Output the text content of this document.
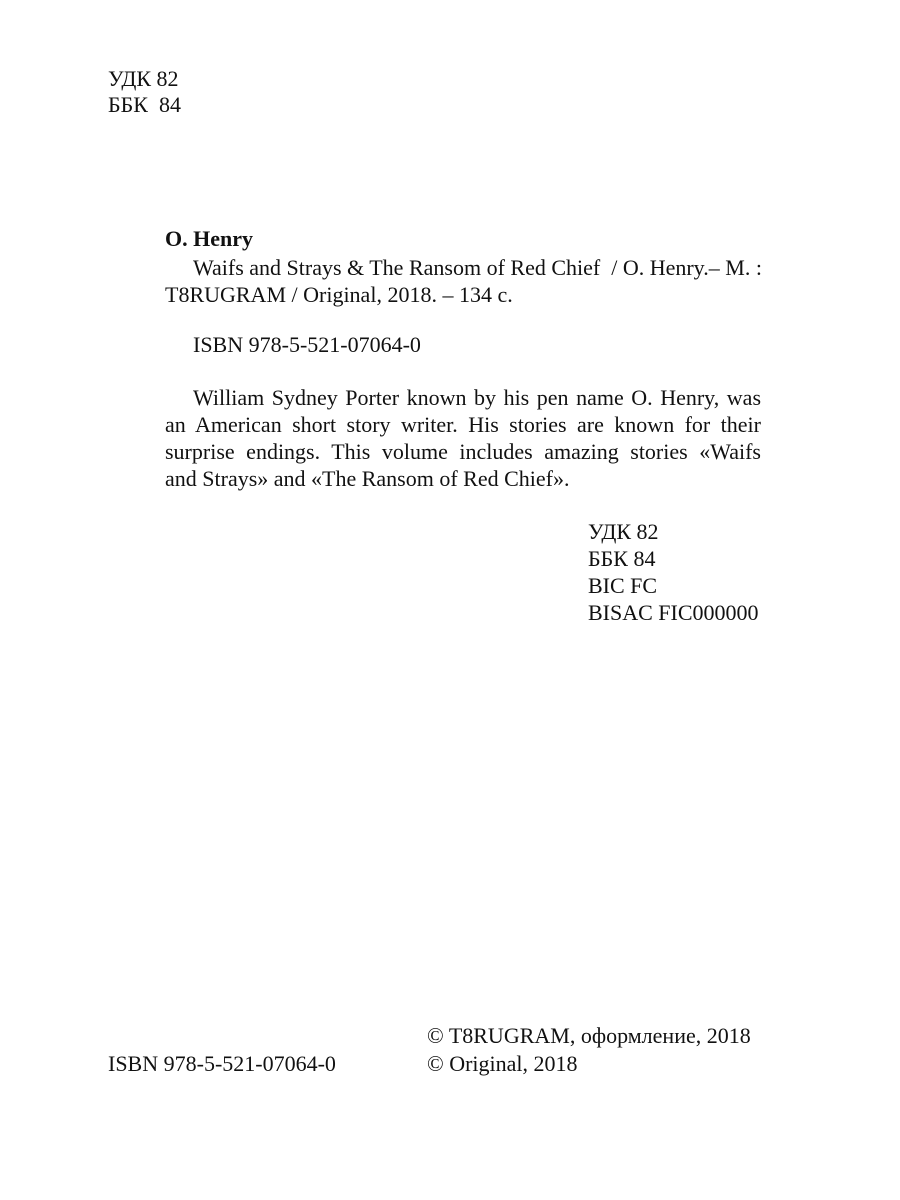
УДК 82
ББК  84
O. Henry

Waifs and Strays & The Ransom of Red Chief  / O. Henry.– М. :

T8RUGRAM / Original, 2018. – 134 с.

ISBN 978-5-521-07064-0

William Sydney Porter known by his pen name O. Henry, was

an American short story writer. His stories are known for their

surprise endings. This volume includes amazing stories «Waifs

and Strays» and «The Ransom of Red Chief».

УДК 82
ББК 84
BIC FC
BISAC FIC000000
© T8RUGRAM, оформление, 2018
© Original, 2018
ISBN 978-5-521-07064-0
